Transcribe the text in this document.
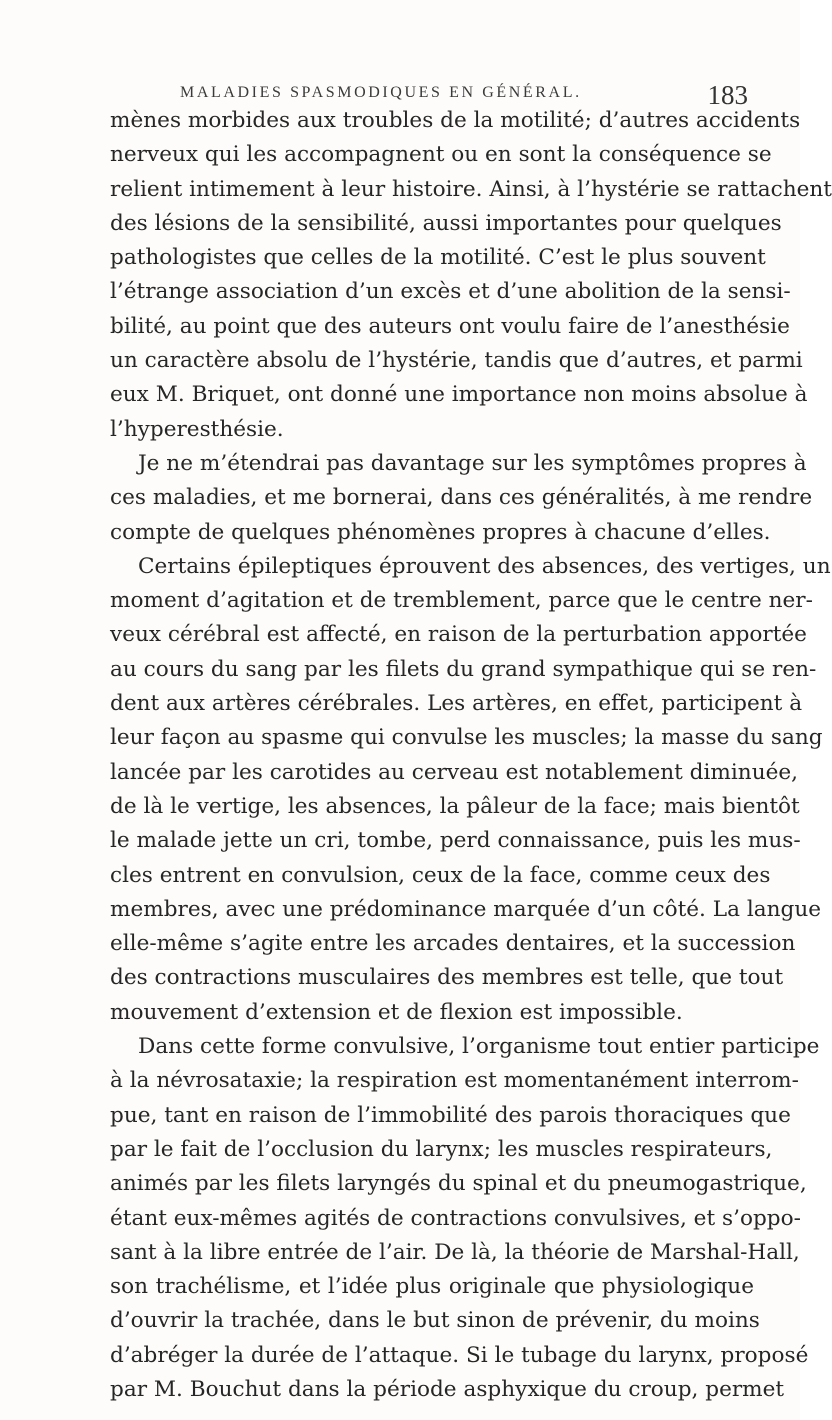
MALADIES SPASMODIQUES EN GÉNÉRAL.	183
mènes morbides aux troubles de la motilité; d’autres accidents
nerveux qui les accompagnent ou en sont la conséquence se
relient intimement à leur histoire. Ainsi, à l’hystérie se rattachent
des lésions de la sensibilité, aussi importantes pour quelques
pathologistes que celles de la motilité. C’est le plus souvent
l’étrange association d’un excès et d’une abolition de la sensi-
bilité, au point que des auteurs ont voulu faire de l’anesthésie
un caractère absolu de l’hystérie, tandis que d’autres, et parmi
eux M. Briquet, ont donné une importance non moins absolue à
l’hyperesthésie.
Je ne m’étendrai pas davantage sur les symptômes propres à
ces maladies, et me bornerai, dans ces généralités, à me rendre
compte de quelques phénomènes propres à chacune d’elles.
Certains épileptiques éprouvent des absences, des vertiges, un
moment d’agitation et de tremblement, parce que le centre ner-
veux cérébral est affecté, en raison de la perturbation apportée
au cours du sang par les filets du grand sympathique qui se ren-
dent aux artères cérébrales. Les artères, en effet, participent à
leur façon au spasme qui convulse les muscles; la masse du sang
lancée par les carotides au cerveau est notablement diminuée,
de là le vertige, les absences, la pâleur de la face; mais bientôt
le malade jette un cri, tombe, perd connaissance, puis les mus-
cles entrent en convulsion, ceux de la face, comme ceux des
membres, avec une prédominance marquée d’un côté. La langue
elle-même s’agite entre les arcades dentaires, et la succession
des contractions musculaires des membres est telle, que tout
mouvement d’extension et de flexion est impossible.
Dans cette forme convulsive, l’organisme tout entier participe
à la névrosataxie; la respiration est momentanément interrom-
pue, tant en raison de l’immobilité des parois thoraciques que
par le fait de l’occlusion du larynx; les muscles respirateurs,
animés par les filets laryngés du spinal et du pneumogastrique,
étant eux-mêmes agités de contractions convulsives, et s’oppo-
sant à la libre entrée de l’air. De là, la théorie de Marshal-Hall,
son trachélisme, et l’idée plus originale que physiologique
d’ouvrir la trachée, dans le but sinon de prévenir, du moins
d’abréger la durée de l’attaque. Si le tubage du larynx, proposé
par M. Bouchut dans la période asphyxique du croup, permet
